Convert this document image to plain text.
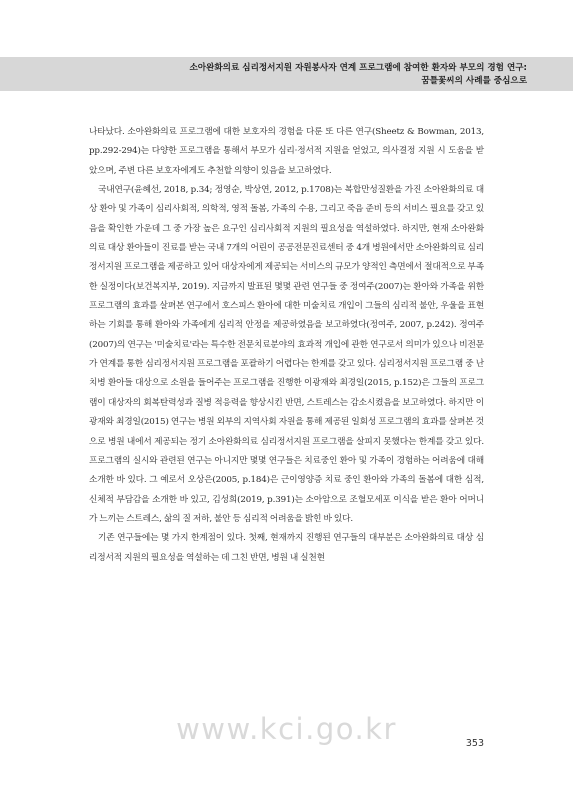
소아완화의료 심리정서지원 자원봉사자 연계 프로그램에 참여한 환자와 부모의 경험 연구:
꿈틀꽃씨의 사례를 중심으로

나타났다. 소아완화의료 프로그램에 대한 보호자의 경험을 다룬 또 다른 연구(Sheetz & Bowman, 2013, pp.292-294)는 다양한 프로그램을 통해서 부모가 심리·정서적 지원을 얻었고, 의사결정 지원 시 도움을 받았으며, 주변 다른 보호자에게도 추천할 의향이 있음을 보고하였다.

국내연구(윤혜선, 2018, p.34; 정영순, 박상연, 2012, p.1708)는 복합만성질환을 가진 소아완화의료 대상 환아 및 가족이 심리사회적, 의학적, 영적 돌봄, 가족의 수용, 그리고 죽음 준비 등의 서비스 필요를 갖고 있음을 확인한 가운데 그 중 가장 높은 요구인 심리사회적 지원의 필요성을 역설하였다. 하지만, 현재 소아완화의료 대상 환아들이 진료를 받는 국내 7개의 어린이 공공전문진료센터 중 4개 병원에서만 소아완화의료 심리정서지원 프로그램을 제공하고 있어 대상자에게 제공되는 서비스의 규모가 양적인 측면에서 절대적으로 부족한 실정이다(보건복지부, 2019). 지금까지 발표된 몇몇 관련 연구들 중 정여주(2007)는 환아와 가족을 위한 프로그램의 효과를 살펴본 연구에서 호스피스 환아에 대한 미술치료 개입이 그들의 심리적 불안, 우울을 표현하는 기회를 통해 환아와 가족에게 심리적 안정을 제공하였음을 보고하였다(정여주, 2007, p.242). 정여주(2007)의 연구는 '미술치료'라는 특수한 전문치료분야의 효과적 개입에 관한 연구로서 의미가 있으나 비전문가 연계를 통한 심리정서지원 프로그램을 포괄하기 어렵다는 한계를 갖고 있다. 심리정서지원 프로그램 중 난치병 환아들 대상으로 소원을 들어주는 프로그램을 진행한 이광재와 최경일(2015, p.152)은 그들의 프로그램이 대상자의 회복탄력성과 질병 적응력을 향상시킨 반면, 스트레스는 감소시켰음을 보고하였다. 하지만 이광재와 최경일(2015) 연구는 병원 외부의 지역사회 자원을 통해 제공된 일회성 프로그램의 효과를 살펴본 것으로 병원 내에서 제공되는 정기 소아완화의료 심리정서지원 프로그램을 살피지 못했다는 한계를 갖고 있다. 프로그램의 실시와 관련된 연구는 아니지만 몇몇 연구들은 치료중인 환아 및 가족이 경험하는 어려움에 대해 소개한 바 있다. 그 예로서 오상은(2005, p.184)은 근이영양증 치료 중인 환아와 가족의 돌봄에 대한 심적, 신체적 부담감을 소개한 바 있고, 김성희(2019, p.391)는 소아암으로 조혈모세포 이식을 받은 환아 어머니가 느끼는 스트레스, 삶의 질 저하, 불안 등 심리적 어려움을 밝힌 바 있다.

기존 연구들에는 몇 가지 한계점이 있다. 첫째, 현재까지 진행된 연구들의 대부분은 소아완화의료 대상 심리정서적 지원의 필요성을 역설하는 데 그친 반면, 병원 내 실천현

www.kci.go.kr	353
